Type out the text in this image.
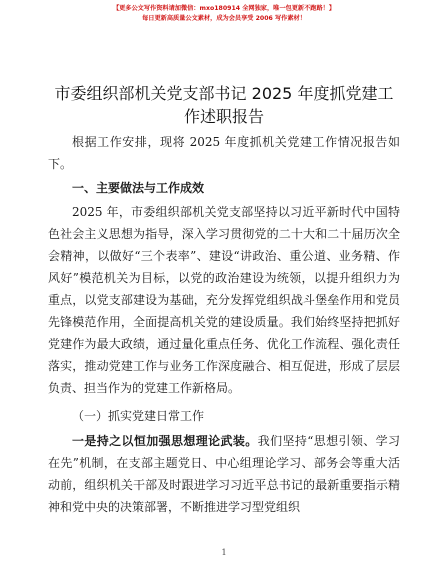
【更多公文写作资料请加微信：mxo180914 全网独家，唯一包更新不跑路！】
每日更新高质量公文素材，成为会员享受 2006 写作素材！
市委组织部机关党支部书记 2025 年度抓党建工作述职报告

根据工作安排，现将 2025 年度抓机关党建工作情况报告如下。

一、主要做法与工作成效

2025 年，市委组织部机关党支部坚持以习近平新时代中国特色社会主义思想为指导，深入学习贯彻党的二十大和二十届历次全会精神，以做好“三个表率”、建设“讲政治、重公道、业务精、作风好”模范机关为目标，以党的政治建设为统领，以提升组织力为重点，以党支部建设为基础，充分发挥党组织战斗堡垒作用和党员先锋模范作用，全面提高机关党的建设质量。我们始终坚持把抓好党建作为最大政绩，通过量化重点任务、优化工作流程、强化责任落实，推动党建工作与业务工作深度融合、相互促进，形成了层层负责、担当作为的党建工作新格局。

（一）抓实党建日常工作

一是持之以恒加强思想理论武装。我们坚持“思想引领、学习在先”机制，在支部主题党日、中心组理论学习、部务会等重大活动前，组织机关干部及时跟进学习习近平总书记的最新重要指示精神和党中央的决策部署，不断推进学习型党组织

1
